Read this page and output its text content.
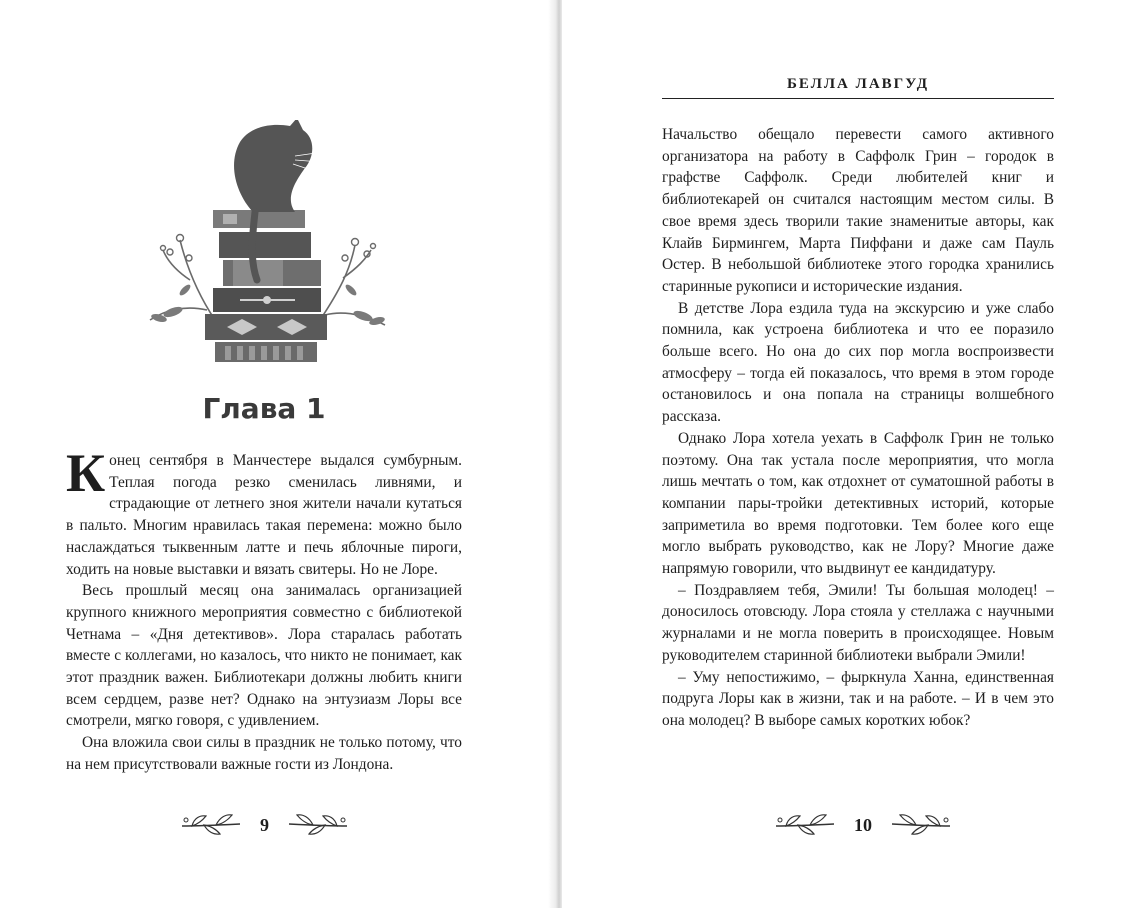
Глава 1

Конец сентября в Манчестере выдался сумбурным. Теплая погода резко сменилась ливнями, и страдающие от летнего зноя жители начали кутаться в пальто. Многим нравилась такая перемена: можно было наслаждаться тыквенным латте и печь яблочные пироги, ходить на новые выставки и вязать свитеры. Но не Лоре.

Весь прошлый месяц она занималась организацией крупного книжного мероприятия совместно с библиотекой Четнама – «Дня детективов». Лора старалась работать вместе с коллегами, но казалось, что никто не понимает, как этот праздник важен. Библиотекари должны любить книги всем сердцем, разве нет? Однако на энтузиазм Лоры все смотрели, мягко говоря, с удивлением.

Она вложила свои силы в праздник не только потому, что на нем присутствовали важные гости из Лондона.

9
БЕЛЛА ЛАВГУД

Начальство обещало перевести самого активного организатора на работу в Саффолк Грин – городок в графстве Саффолк. Среди любителей книг и библиотекарей он считался настоящим местом силы. В свое время здесь творили такие знаменитые авторы, как Клайв Бирмингем, Марта Пиффани и даже сам Пауль Остер. В небольшой библиотеке этого городка хранились старинные рукописи и исторические издания.

В детстве Лора ездила туда на экскурсию и уже слабо помнила, как устроена библиотека и что ее поразило больше всего. Но она до сих пор могла воспроизвести атмосферу – тогда ей показалось, что время в этом городе остановилось и она попала на страницы волшебного рассказа.

Однако Лора хотела уехать в Саффолк Грин не только поэтому. Она так устала после мероприятия, что могла лишь мечтать о том, как отдохнет от суматошной работы в компании пары-тройки детективных историй, которые заприметила во время подготовки. Тем более кого еще могло выбрать руководство, как не Лору? Многие даже напрямую говорили, что выдвинут ее кандидатуру.

– Поздравляем тебя, Эмили! Ты большая молодец! – доносилось отовсюду. Лора стояла у стеллажа с научными журналами и не могла поверить в происходящее. Новым руководителем старинной библиотеки выбрали Эмили!

– Уму непостижимо, – фыркнула Ханна, единственная подруга Лоры как в жизни, так и на работе. – И в чем это она молодец? В выборе самых коротких юбок?

10
